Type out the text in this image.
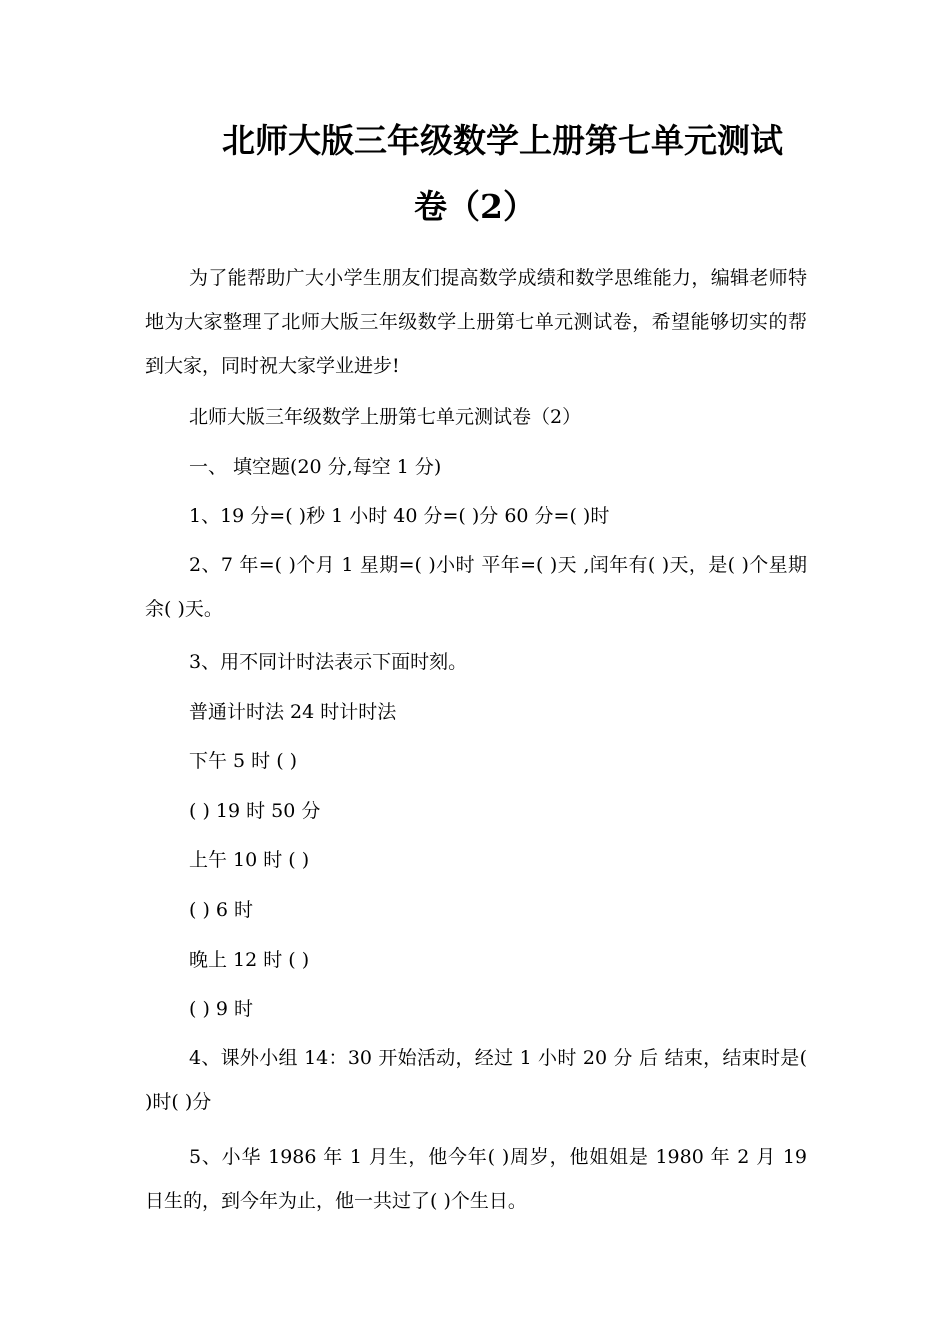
北师大版三年级数学上册第七单元测试
卷（2）
为了能帮助广大小学生朋友们提高数学成绩和数学思维能力，编辑老师特地为大家整理了北师大版三年级数学上册第七单元测试卷，希望能够切实的帮到大家，同时祝大家学业进步!
北师大版三年级数学上册第七单元测试卷（2）
一、 填空题(20 分,每空 1 分)
1、19 分=( )秒 1 小时 40 分=( )分 60 分=( )时
2、7 年=( )个月 1 星期=( )小时 平年=( )天 ,闰年有( )天，是( )个星期余( )天。
3、用不同计时法表示下面时刻。
普通计时法 24 时计时法
下午 5 时 ( )
( ) 19 时 50 分
上午 10 时 ( )
( ) 6 时
晚上 12 时 ( )
( ) 9 时
4、课外小组 14：30 开始活动，经过 1 小时 20 分 后 结束，结束时是( )时( )分
5、小华 1986 年 1 月生，他今年( )周岁，他姐姐是 1980 年 2 月 19 日生的，到今年为止，他一共过了( )个生日。
